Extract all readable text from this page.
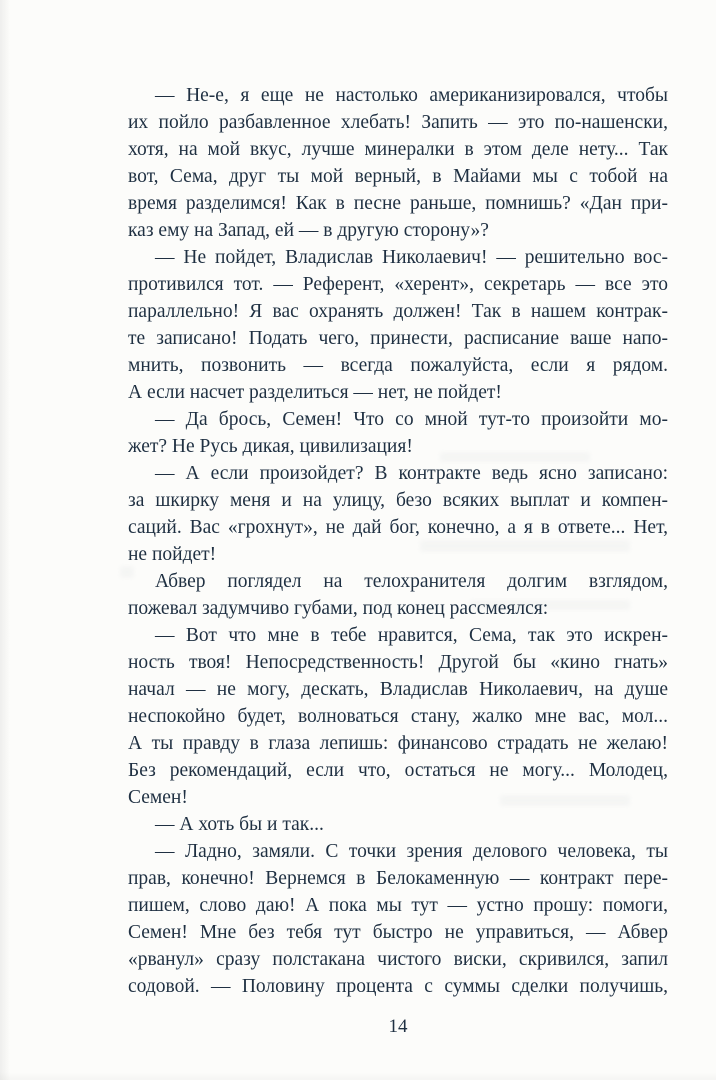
— Не-е, я еще не настолько американизировался, чтобы
их пойло разбавленное хлебать! Запить — это по-нашенски,
хотя, на мой вкус, лучше минералки в этом деле нету... Так
вот, Сема, друг ты мой верный, в Майами мы с тобой на
время разделимся! Как в песне раньше, помнишь? «Дан при-
каз ему на Запад, ей — в другую сторону»?
— Не пойдет, Владислав Николаевич! — решительно вос-
противился тот. — Референт, «херент», секретарь — все это
параллельно! Я вас охранять должен! Так в нашем контрак-
те записано! Подать чего, принести, расписание ваше напо-
мнить, позвонить — всегда пожалуйста, если я рядом.
А если насчет разделиться — нет, не пойдет!
— Да брось, Семен! Что со мной тут-то произойти мо-
жет? Не Русь дикая, цивилизация!
— А если произойдет? В контракте ведь ясно записано:
за шкирку меня и на улицу, безо всяких выплат и компен-
саций. Вас «грохнут», не дай бог, конечно, а я в ответе... Нет,
не пойдет!
Абвер поглядел на телохранителя долгим взглядом,
пожевал задумчиво губами, под конец рассмеялся:
— Вот что мне в тебе нравится, Сема, так это искрен-
ность твоя! Непосредственность! Другой бы «кино гнать»
начал — не могу, дескать, Владислав Николаевич, на душе
неспокойно будет, волноваться стану, жалко мне вас, мол...
А ты правду в глаза лепишь: финансово страдать не желаю!
Без рекомендаций, если что, остаться не могу... Молодец,
Семен!
— А хоть бы и так...
— Ладно, замяли. С точки зрения делового человека, ты
прав, конечно! Вернемся в Белокаменную — контракт пере-
пишем, слово даю! А пока мы тут — устно прошу: помоги,
Семен! Мне без тебя тут быстро не управиться, — Абвер
«рванул» сразу полстакана чистого виски, скривился, запил
содовой. — Половину процента с суммы сделки получишь,
14
